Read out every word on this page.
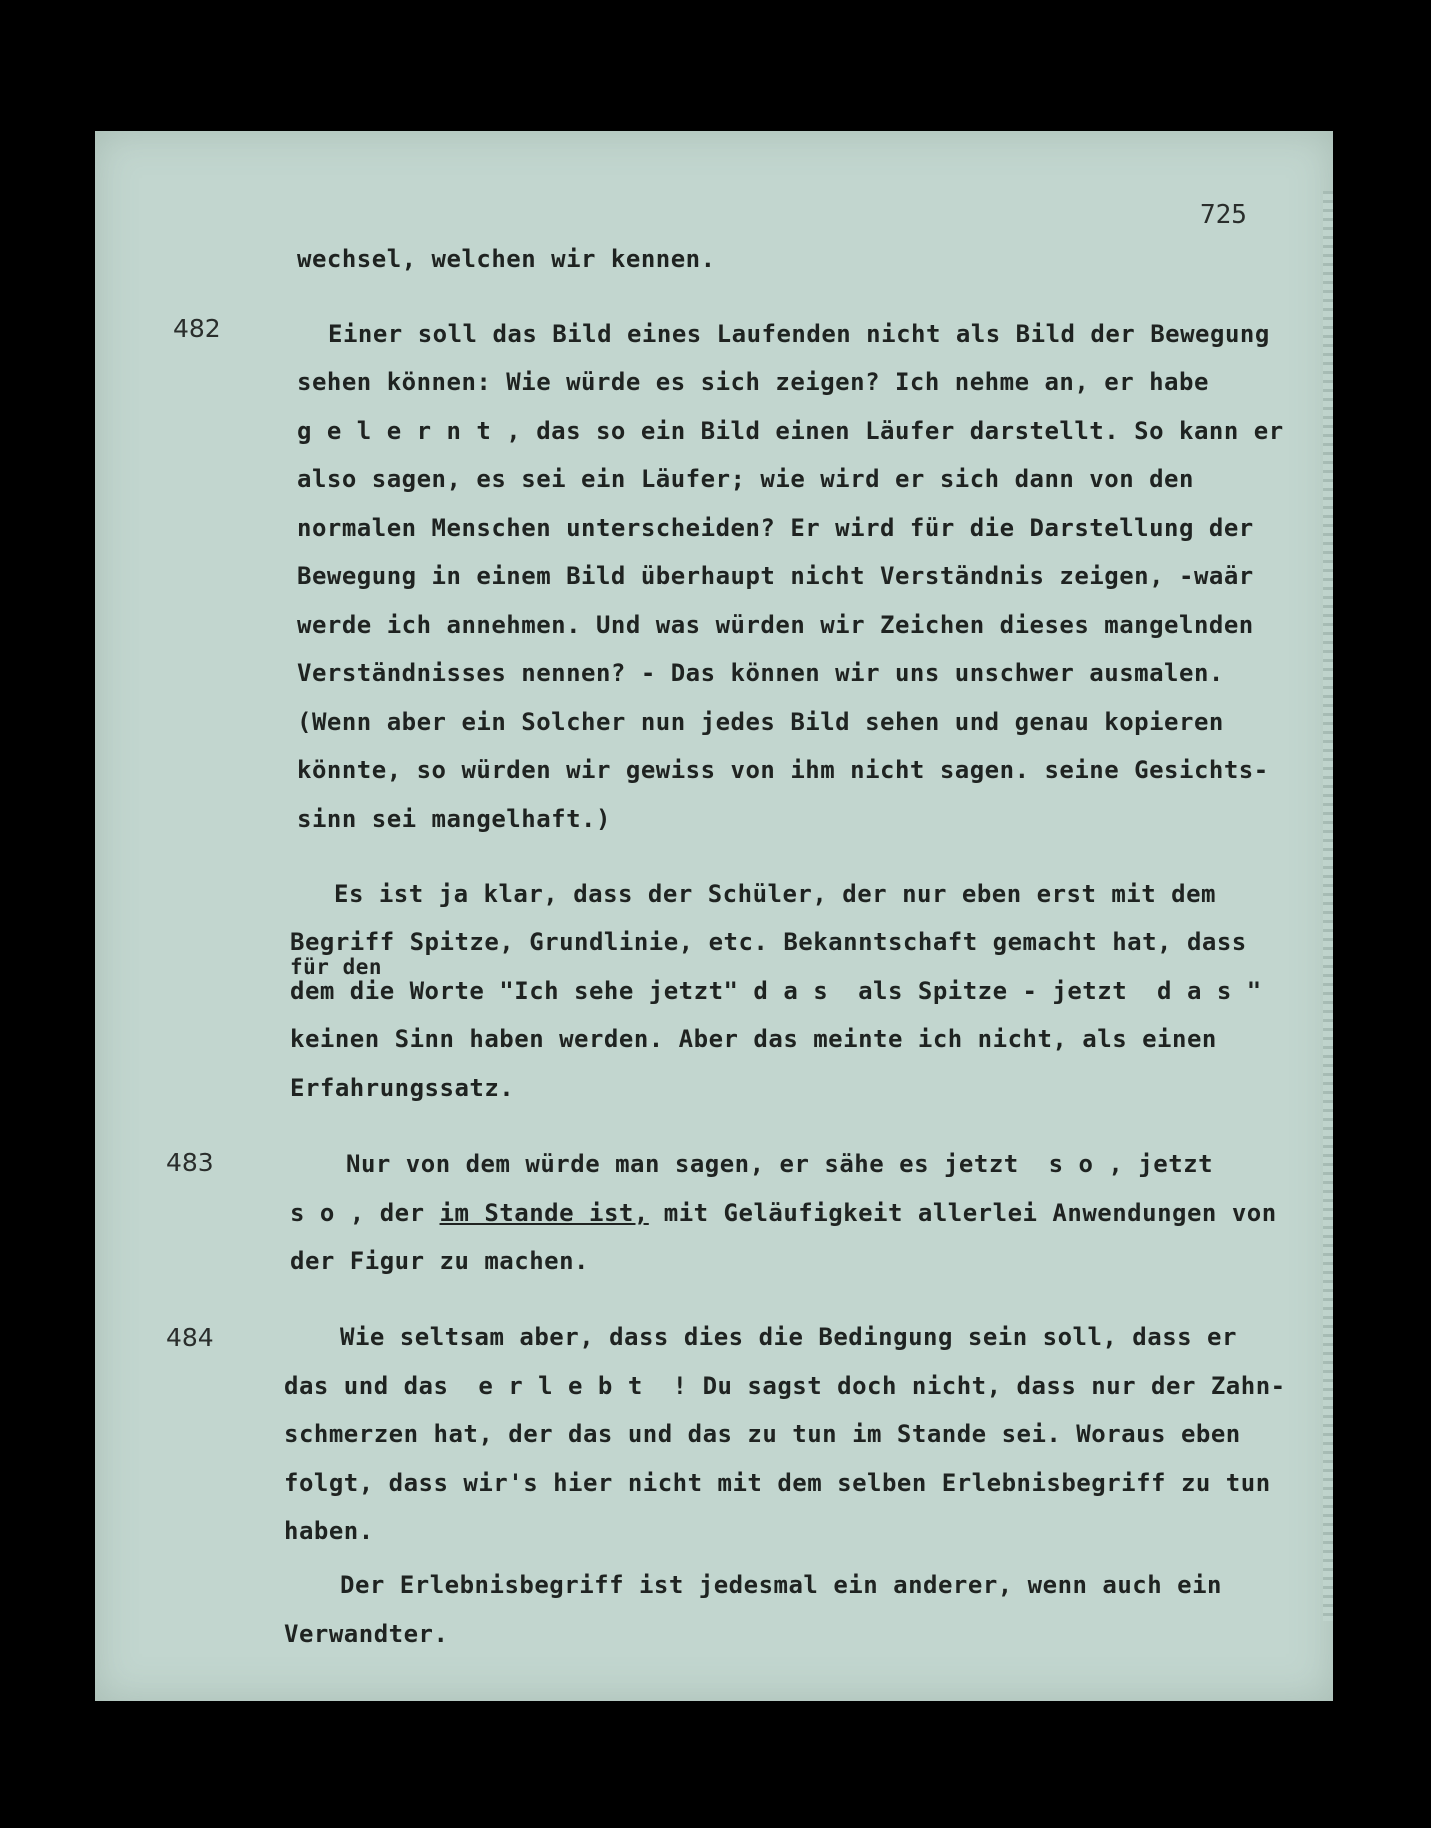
725
482
483
484
wechsel, welchen wir kennen.
Einer soll das Bild eines Laufenden nicht als Bild der Bewegung
sehen können: Wie würde es sich zeigen? Ich nehme an, er habe
g e l e r n t , das so ein Bild einen Läufer darstellt. So kann er
also sagen, es sei ein Läufer; wie wird er sich dann von den
normalen Menschen unterscheiden? Er wird für die Darstellung der
Bewegung in einem Bild überhaupt nicht Verständnis zeigen, -waär
werde ich annehmen. Und was würden wir Zeichen dieses mangelnden
Verständnisses nennen? - Das können wir uns unschwer ausmalen.
(Wenn aber ein Solcher nun jedes Bild sehen und genau kopieren
könnte, so würden wir gewiss von ihm nicht sagen. seine Gesichts-
sinn sei mangelhaft.)
Es ist ja klar, dass der Schüler, der nur eben erst mit dem
Begriff Spitze, Grundlinie, etc. Bekanntschaft gemacht hat, dass
für den
dem die Worte "Ich sehe jetzt" d a s  als Spitze - jetzt  d a s "
keinen Sinn haben werden. Aber das meinte ich nicht, als einen
Erfahrungssatz.
Nur von dem würde man sagen, er sähe es jetzt  s o , jetzt
s o , der im Stande ist, mit Geläufigkeit allerlei Anwendungen von
der Figur zu machen.
Wie seltsam aber, dass dies die Bedingung sein soll, dass er
das und das  e r l e b t  ! Du sagst doch nicht, dass nur der Zahn-
schmerzen hat, der das und das zu tun im Stande sei. Woraus eben
folgt, dass wir's hier nicht mit dem selben Erlebnisbegriff zu tun
haben.
Der Erlebnisbegriff ist jedesmal ein anderer, wenn auch ein
Verwandter.
